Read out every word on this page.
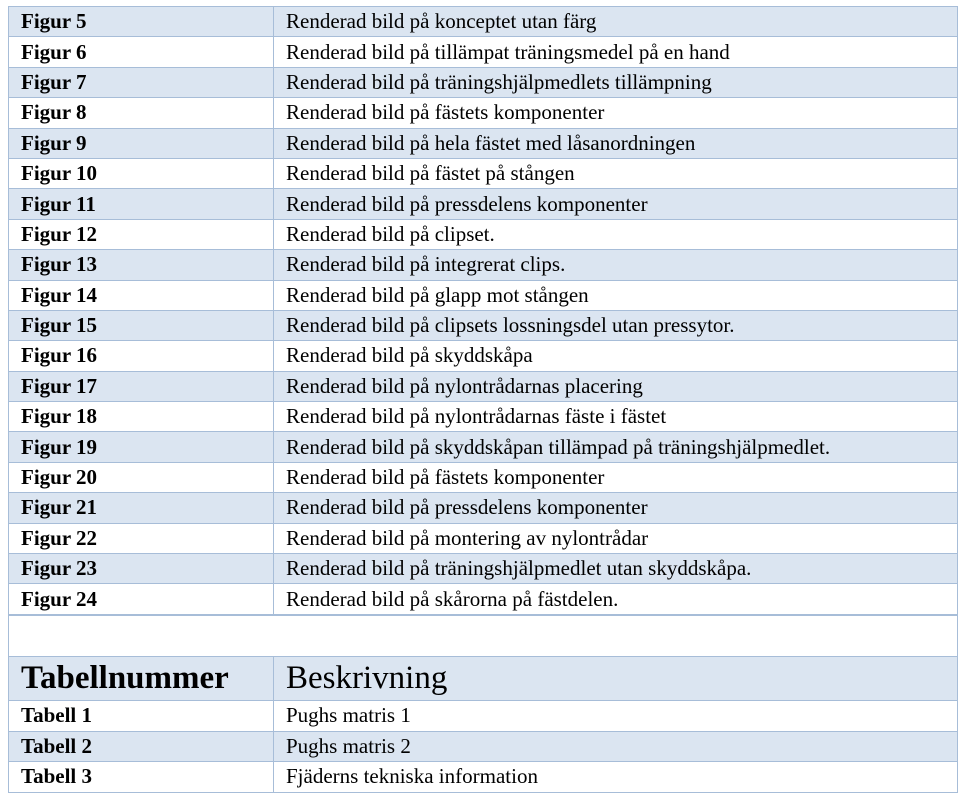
Figur 5	Renderad bild på konceptet utan färg
Figur 6	Renderad bild på tillämpat träningsmedel på en hand
Figur 7	Renderad bild på träningshjälpmedlets tillämpning
Figur 8	Renderad bild på fästets komponenter
Figur 9	Renderad bild på hela fästet med låsanordningen
Figur 10	Renderad bild på fästet på stången
Figur 11	Renderad bild på pressdelens komponenter
Figur 12	Renderad bild på clipset.
Figur 13	Renderad bild på integrerat clips.
Figur 14	Renderad bild på glapp mot stången
Figur 15	Renderad bild på clipsets lossningsdel utan pressytor.
Figur 16	Renderad bild på skyddskåpa
Figur 17	Renderad bild på nylontrådarnas placering
Figur 18	Renderad bild på nylontrådarnas fäste i fästet
Figur 19	Renderad bild på skyddskåpan tillämpad på träningshjälpmedlet.
Figur 20	Renderad bild på fästets komponenter
Figur 21	Renderad bild på pressdelens komponenter
Figur 22	Renderad bild på montering av nylontrådar
Figur 23	Renderad bild på träningshjälpmedlet utan skyddskåpa.
Figur 24	Renderad bild på skårorna på fästdelen.
Tabellnummer	Beskrivning
Tabell 1	Pughs matris 1
Tabell 2	Pughs matris 2
Tabell 3	Fjäderns tekniska information
